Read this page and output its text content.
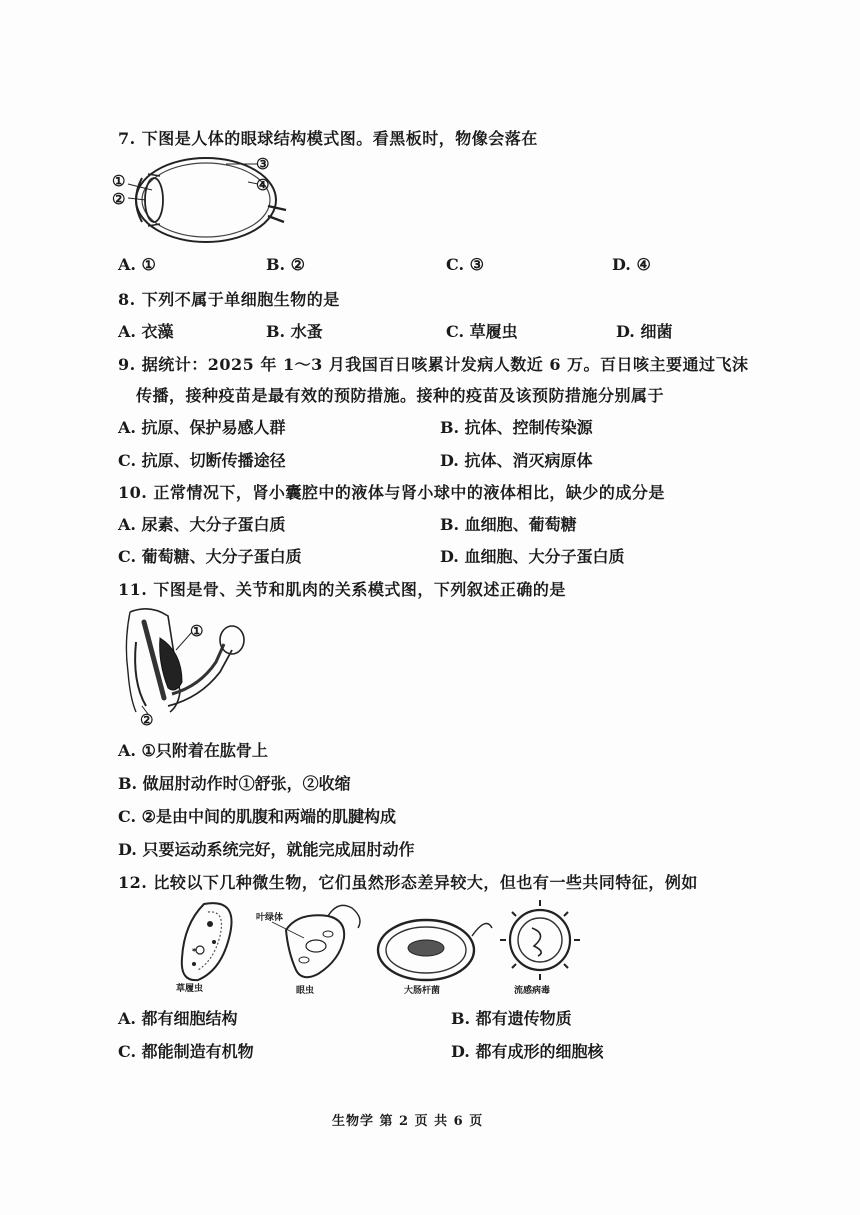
7. 下图是人体的眼球结构模式图。看黑板时，物像会落在
①
②
③
④
A. ①	B. ②	C. ③	D. ④
8. 下列不属于单细胞生物的是
A. 衣藻	B. 水蚤	C. 草履虫	D. 细菌
9. 据统计：2025 年 1～3 月我国百日咳累计发病人数近 6 万。百日咳主要通过飞沫
传播，接种疫苗是最有效的预防措施。接种的疫苗及该预防措施分别属于
A. 抗原、保护易感人群	B. 抗体、控制传染源
C. 抗原、切断传播途径	D. 抗体、消灭病原体
10. 正常情况下，肾小囊腔中的液体与肾小球中的液体相比，缺少的成分是
A. 尿素、大分子蛋白质	B. 血细胞、葡萄糖
C. 葡萄糖、大分子蛋白质	D. 血细胞、大分子蛋白质
11. 下图是骨、关节和肌肉的关系模式图，下列叙述正确的是
①
②
A. ①只附着在肱骨上
B. 做屈肘动作时①舒张，②收缩
C. ②是由中间的肌腹和两端的肌腱构成
D. 只要运动系统完好，就能完成屈肘动作
12. 比较以下几种微生物，它们虽然形态差异较大，但也有一些共同特征，例如
*
草履虫
叶绿体
眼虫	大肠杆菌	流感病毒
A. 都有细胞结构	B. 都有遗传物质
C. 都能制造有机物	D. 都有成形的细胞核
生物学 第 2 页 共 6 页
